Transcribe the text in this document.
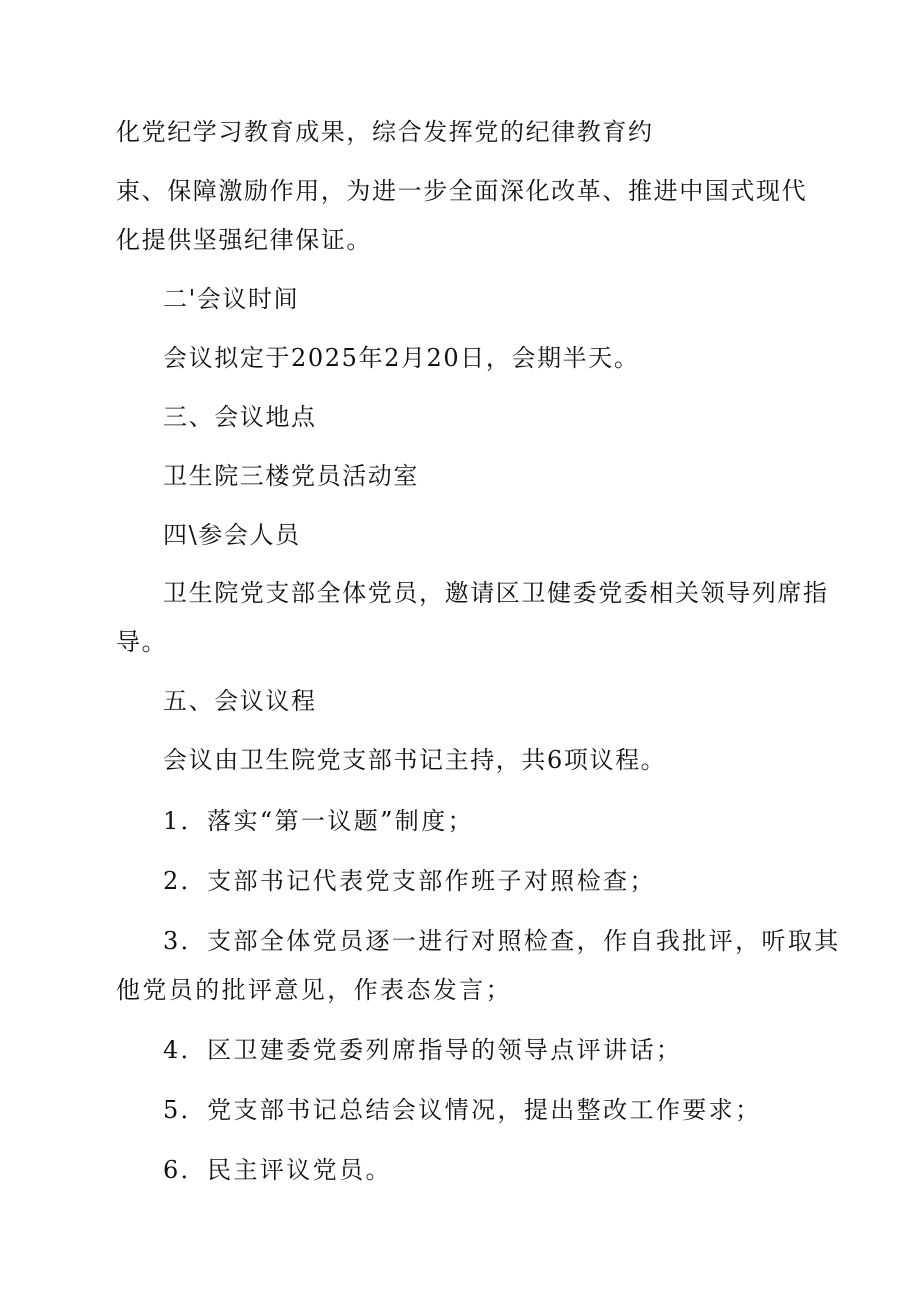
化党纪学习教育成果，综合发挥党的纪律教育约
束、保障激励作用，为进一步全面深化改革、推进中国式现代
化提供坚强纪律保证。
二'会议时间
会议拟定于2025年2月20日，会期半天。
三、会议地点
卫生院三楼党员活动室
四\参会人员
卫生院党支部全体党员，邀请区卫健委党委相关领导列席指
导。
五、会议议程
会议由卫生院党支部书记主持，共6项议程。
1．落实“第一议题”制度；
2．支部书记代表党支部作班子对照检查；
3．支部全体党员逐一进行对照检查，作自我批评，听取其
他党员的批评意见，作表态发言；
4．区卫建委党委列席指导的领导点评讲话；
5．党支部书记总结会议情况，提出整改工作要求；
6．民主评议党员。
